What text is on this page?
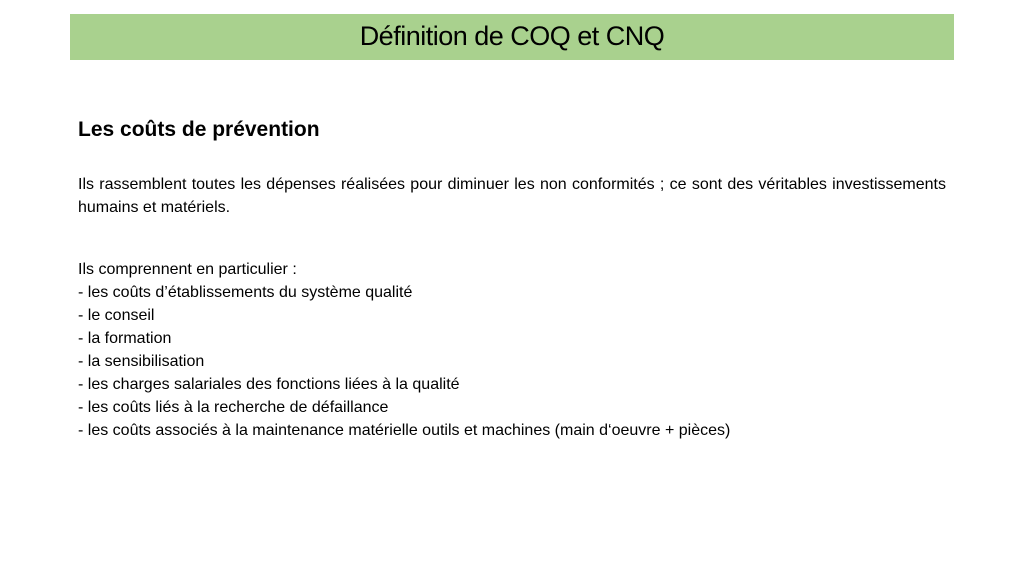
Définition de COQ et CNQ
Les coûts de prévention

Ils rassemblent toutes les dépenses réalisées pour diminuer les non conformités ; ce sont des véritables investissements humains et matériels.

Ils comprennent en particulier :

- les coûts d’établissements du système qualité
- le conseil
- la formation
- la sensibilisation
- les charges salariales des fonctions liées à la qualité
- les coûts liés à la recherche de défaillance
- les coûts associés à la maintenance matérielle outils et machines (main d‘oeuvre + pièces)
